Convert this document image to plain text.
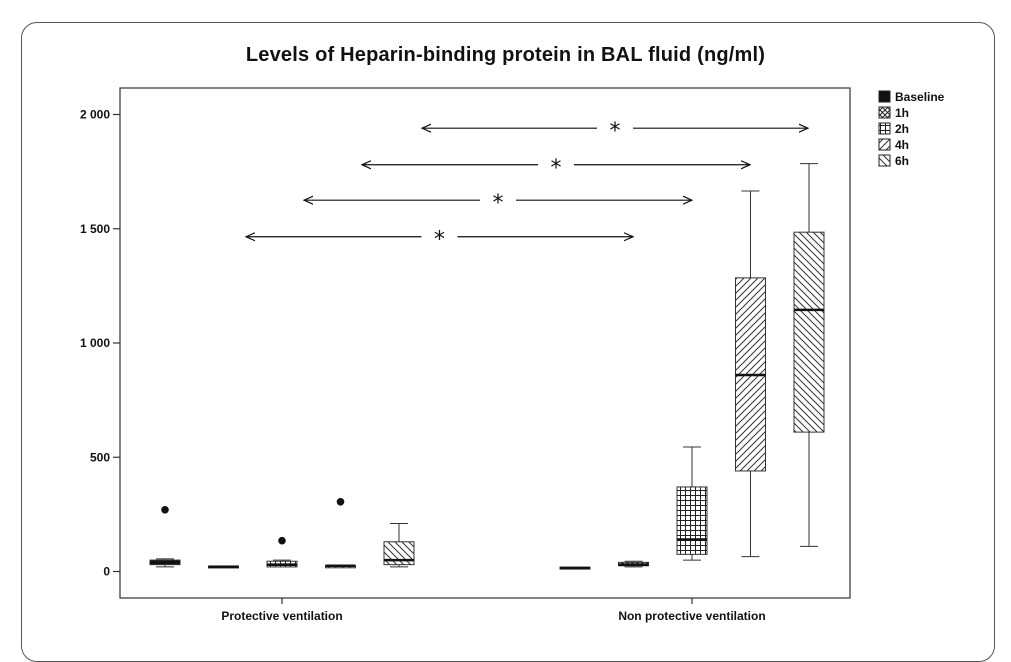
Levels of Heparin-binding protein in BAL fluid (ng/ml)
0
500
1 000
1 500
2 000
Protective ventilation	Non protective ventilation
*
*
*
*
Baseline
1h
2h
4h
6h
